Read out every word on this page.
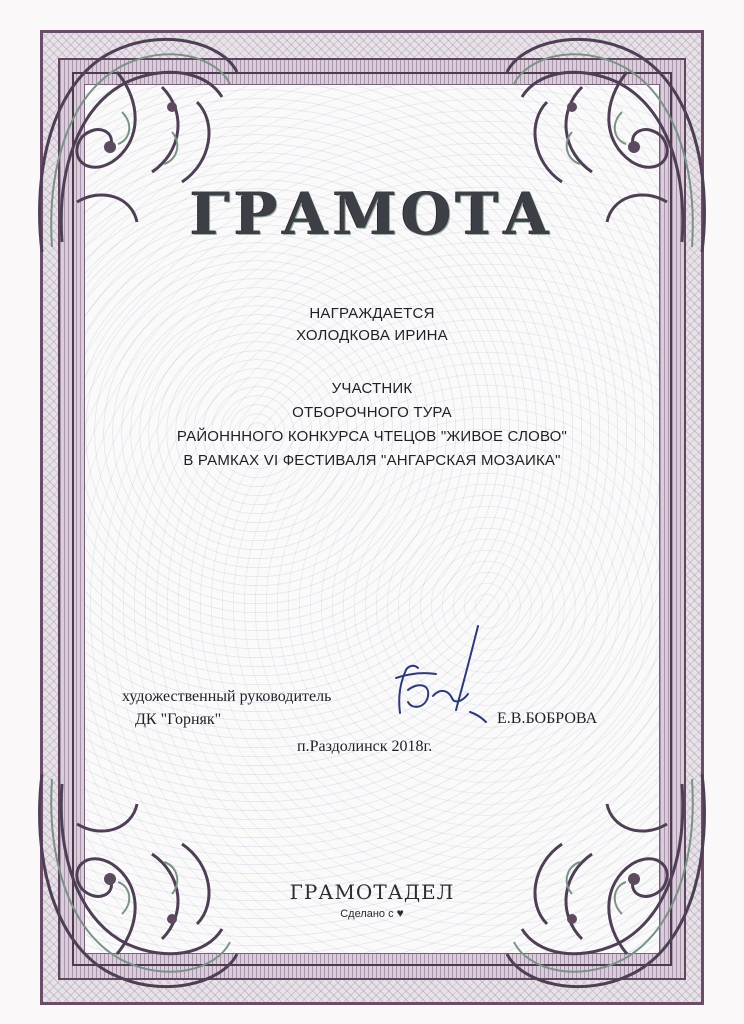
ГРАМОТА
НАГРАЖДАЕТСЯ
ХОЛОДКОВА ИРИНА
УЧАСТНИК
ОТБОРОЧНОГО ТУРА
РАЙОНННОГО КОНКУРСА ЧТЕЦОВ "ЖИВОЕ СЛОВО"
В РАМКАХ VI ФЕСТИВАЛЯ "АНГАРСКАЯ МОЗАИКА"
художественный руководитель
ДК "Горняк"	Е.В.БОБРОВА
п.Раздолинск 2018г.
ГРАМОТАДЕЛ
Сделано с ♥
